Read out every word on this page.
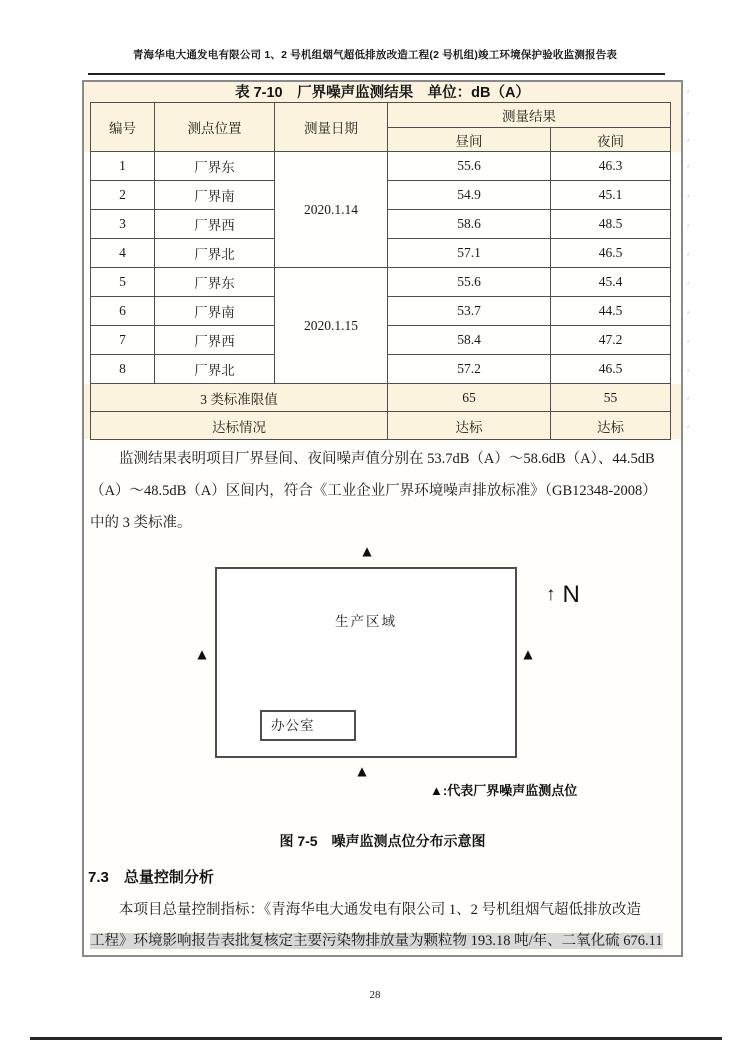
青海华电大通发电有限公司 1、2 号机组烟气超低排放改造工程(2 号机组)竣工环境保护验收监测报告表
表 7-10　厂界噪声监测结果　单位：dB（A）
编号	测点位置	测量日期	测量结果	
			昼间	夜间
1	厂界东	2020.1.14	55.6	46.3
2	厂界南		54.9	45.1
3	厂界西		58.6	48.5
4	厂界北		57.1	46.5
5	厂界东	2020.1.15	55.6	45.4
6	厂界南		53.7	44.5
7	厂界西		58.4	47.2
8	厂界北		57.2	46.5
3 类标准限值			65	55
达标情况			达标	达标
监测结果表明项目厂界昼间、夜间噪声值分别在 53.7dB（A）～58.6dB（A）、44.5dB
（A）～48.5dB（A）区间内，符合《工业企业厂界环境噪声排放标准》（GB12348-2008）
中的 3 类标准。
▲
生产区域
↑ N
▲	▲
办公室
▲
▲:代表厂界噪声监测点位
图 7-5　噪声监测点位分布示意图
7.3　总量控制分析
本项目总量控制指标：《青海华电大通发电有限公司 1、2 号机组烟气超低排放改造
工程》环境影响报告表批复核定主要污染物排放量为颗粒物 193.18 吨/年、二氧化硫 676.11
28
ʹ
ʹ
ʹ
ʹ
ʹ
ʹ
ʹ
ʹ
ʹ
ʹ
ʹ
ʹ
ʹ
